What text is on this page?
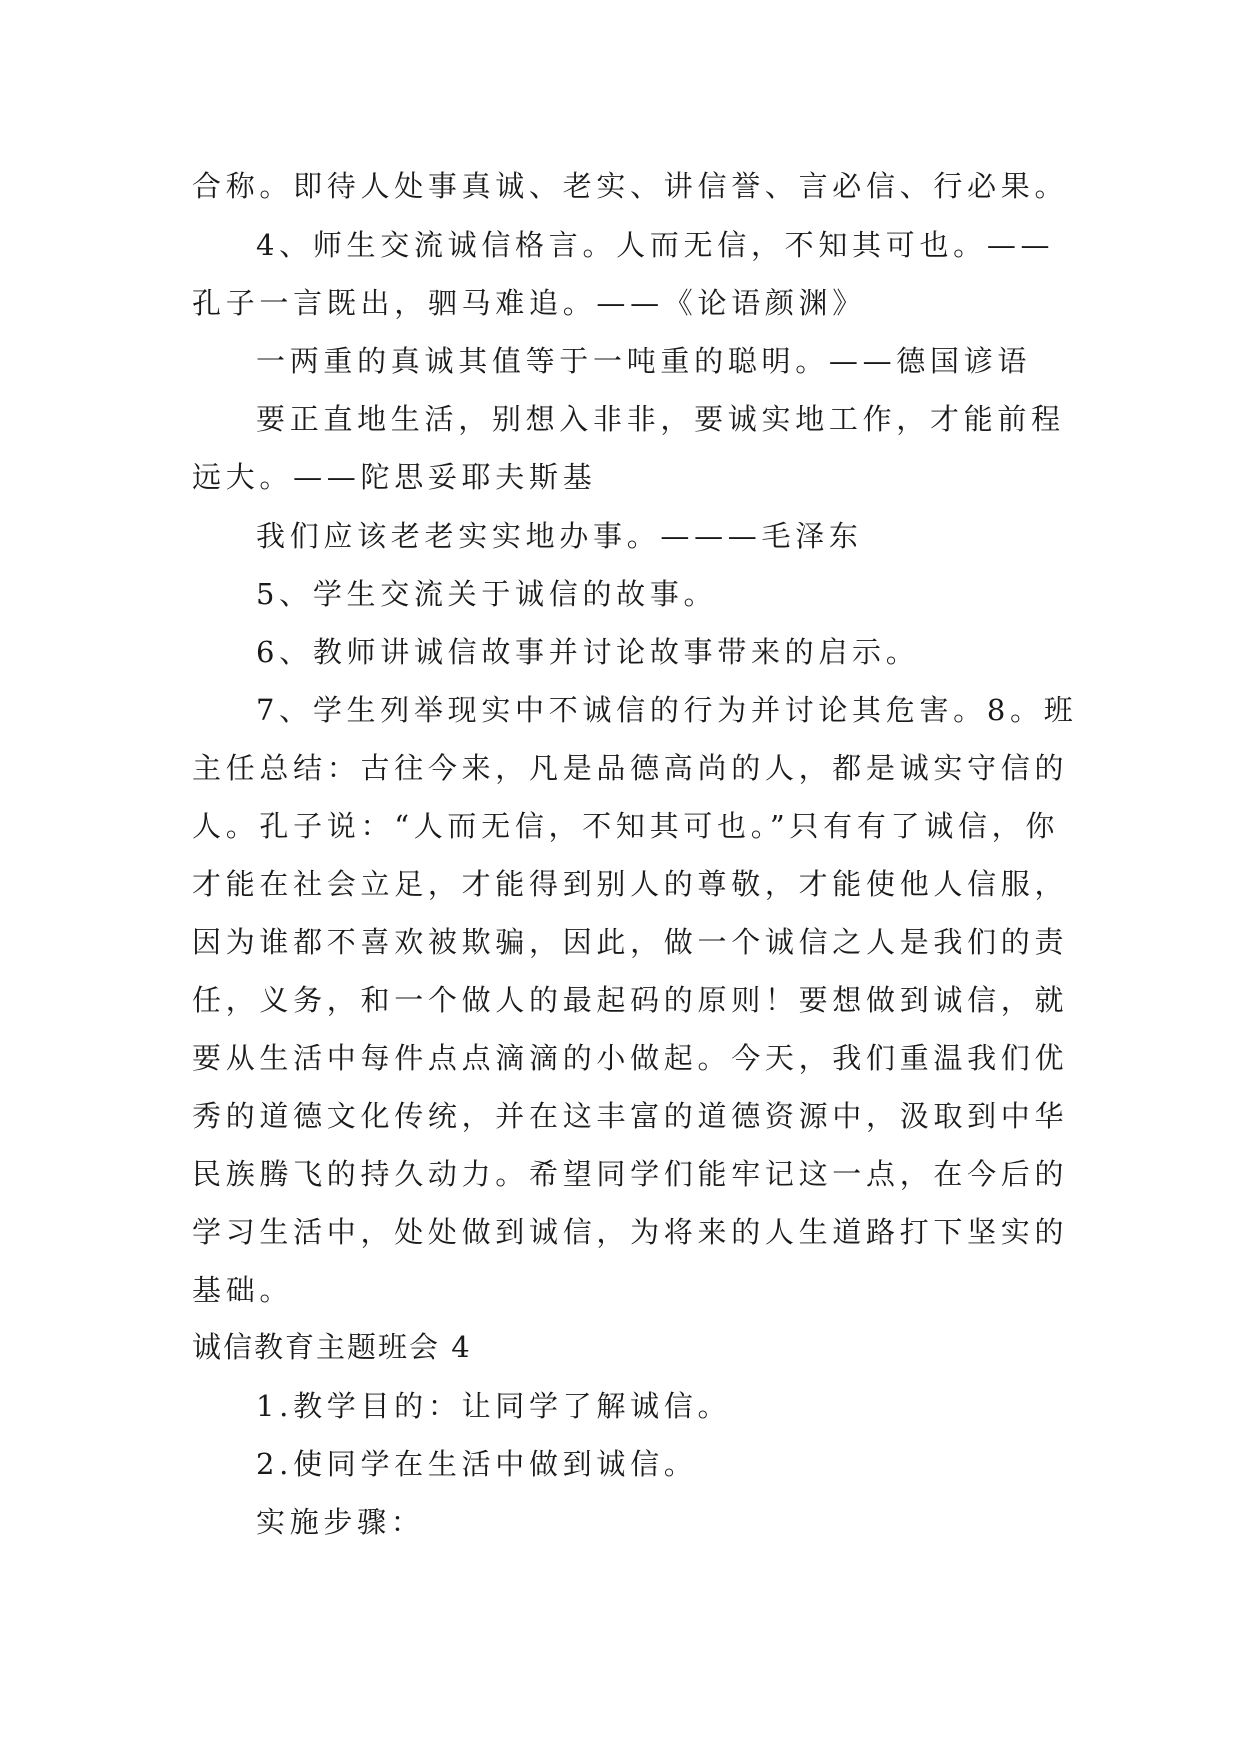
合称。即待人处事真诚、老实、讲信誉、言必信、行必果。

4、师生交流诚信格言。人而无信，不知其可也。——

孔子一言既出，驷马难追。——《论语颜渊》

一两重的真诚其值等于一吨重的聪明。——德国谚语

要正直地生活，别想入非非，要诚实地工作，才能前程

远大。——陀思妥耶夫斯基

我们应该老老实实地办事。———毛泽东

5、学生交流关于诚信的故事。

6、教师讲诚信故事并讨论故事带来的启示。

7、学生列举现实中不诚信的行为并讨论其危害。8。班

主任总结：古往今来，凡是品德高尚的人，都是诚实守信的

人。孔子说：“人而无信，不知其可也。”只有有了诚信，你

才能在社会立足，才能得到别人的尊敬，才能使他人信服，

因为谁都不喜欢被欺骗，因此，做一个诚信之人是我们的责

任，义务，和一个做人的最起码的原则！要想做到诚信，就

要从生活中每件点点滴滴的小做起。今天，我们重温我们优

秀的道德文化传统，并在这丰富的道德资源中，汲取到中华

民族腾飞的持久动力。希望同学们能牢记这一点，在今后的

学习生活中，处处做到诚信，为将来的人生道路打下坚实的

基础。

诚信教育主题班会 4

1.教学目的：让同学了解诚信。

2.使同学在生活中做到诚信。

实施步骤：
